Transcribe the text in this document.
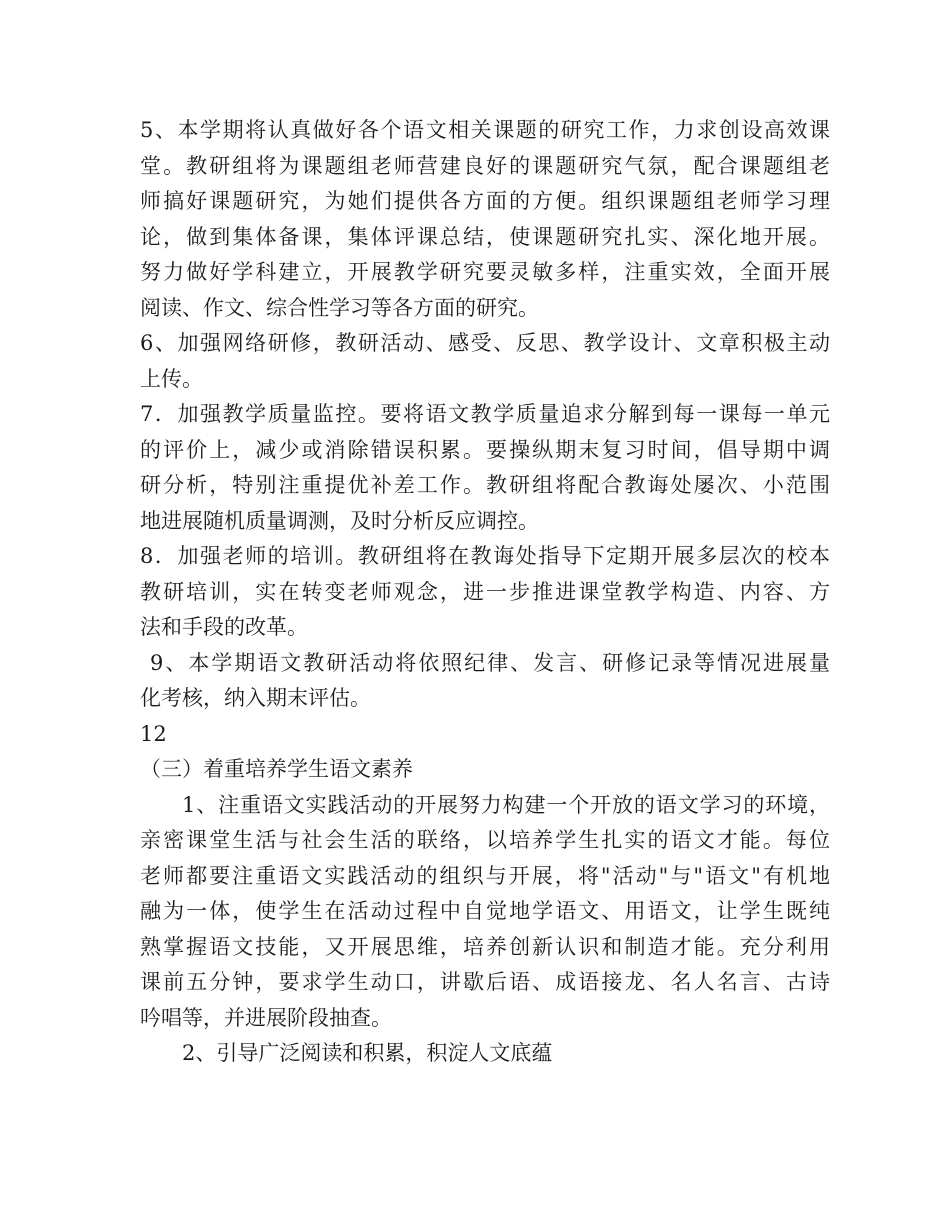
5、本学期将认真做好各个语文相关课题的研究工作，力求创设高效课
堂。教研组将为课题组老师营建良好的课题研究气氛，配合课题组老
师搞好课题研究，为她们提供各方面的方便。组织课题组老师学习理
论，做到集体备课，集体评课总结，使课题研究扎实、深化地开展。
努力做好学科建立，开展教学研究要灵敏多样，注重实效，全面开展
阅读、作文、综合性学习等各方面的研究。
6、加强网络研修，教研活动、感受、反思、教学设计、文章积极主动
上传。
7．加强教学质量监控。要将语文教学质量追求分解到每一课每一单元
的评价上，减少或消除错误积累。要操纵期末复习时间，倡导期中调
研分析，特别注重提优补差工作。教研组将配合教诲处屡次、小范围
地进展随机质量调测，及时分析反应调控。
8．加强老师的培训。教研组将在教诲处指导下定期开展多层次的校本
教研培训，实在转变老师观念，进一步推进课堂教学构造、内容、方
法和手段的改革。
9、本学期语文教研活动将依照纪律、发言、研修记录等情况进展量
化考核，纳入期末评估。
12
（三）着重培养学生语文素养
1、注重语文实践活动的开展努力构建一个开放的语文学习的环境，
亲密课堂生活与社会生活的联络，以培养学生扎实的语文才能。每位
老师都要注重语文实践活动的组织与开展，将"活动"与"语文"有机地
融为一体，使学生在活动过程中自觉地学语文、用语文，让学生既纯
熟掌握语文技能，又开展思维，培养创新认识和制造才能。充分利用
课前五分钟，要求学生动口，讲歇后语、成语接龙、名人名言、古诗
吟唱等，并进展阶段抽查。
2、引导广泛阅读和积累，积淀人文底蕴
